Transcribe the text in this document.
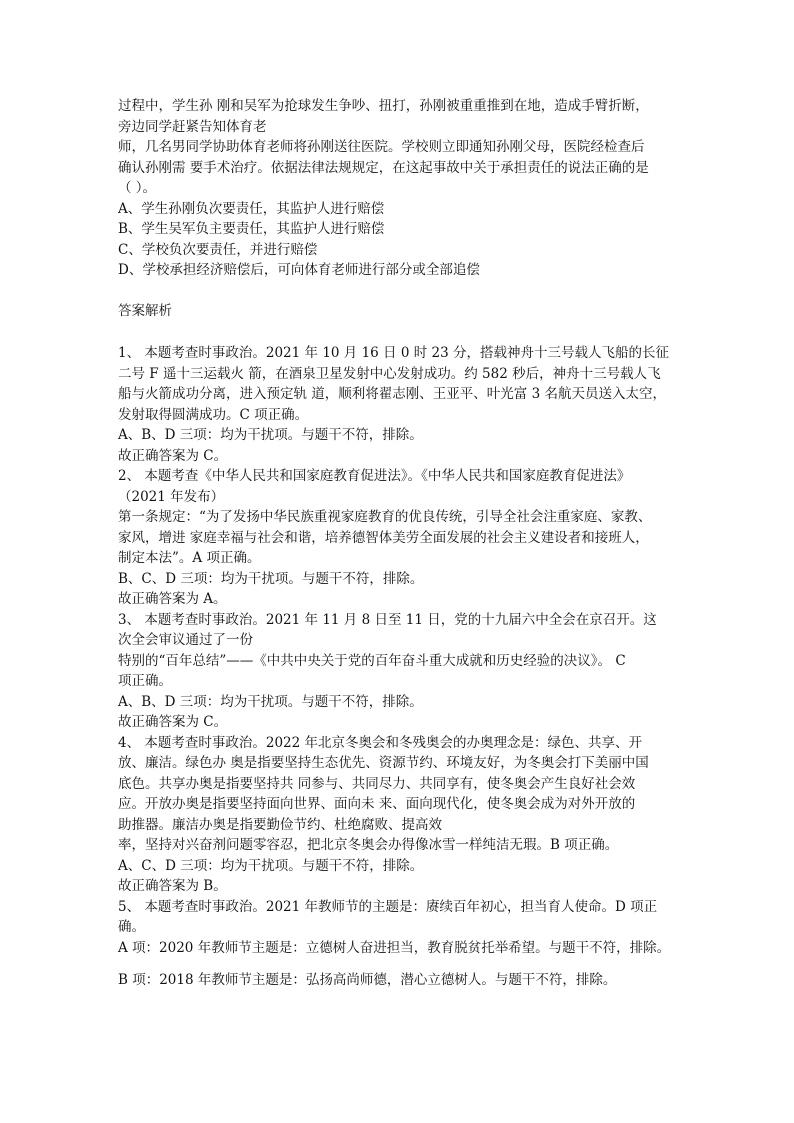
过程中，学生孙 刚和吴军为抢球发生争吵、扭打，孙刚被重重推到在地，造成手臂折断，
旁边同学赶紧告知体育老
师，几名男同学协助体育老师将孙刚送往医院。学校则立即通知孙刚父母，医院经检查后
确认孙刚需 要手术治疗。依据法律法规规定，在这起事故中关于承担责任的说法正确的是
（ ）。
A、学生孙刚负次要责任，其监护人进行赔偿
B、学生吴军负主要责任，其监护人进行赔偿
C、学校负次要责任，并进行赔偿
D、学校承担经济赔偿后，可向体育老师进行部分或全部追偿
答案解析
1、 本题考查时事政治。2021 年 10 月 16 日 0 时 23 分，搭载神舟十三号载人飞船的长征
二号 F 遥十三运载火 箭，在酒泉卫星发射中心发射成功。约 582 秒后，神舟十三号载人飞
船与火箭成功分离，进入预定轨 道，顺利将翟志刚、王亚平、叶光富 3 名航天员送入太空，
发射取得圆满成功。C 项正确。
A、B、D 三项：均为干扰项。与题干不符，排除。
故正确答案为 C。
2、 本题考查《中华人民共和国家庭教育促进法》。《中华人民共和国家庭教育促进法》
（2021 年发布）
第一条规定：“为了发扬中华民族重视家庭教育的优良传统，引导全社会注重家庭、家教、
家风，增进 家庭幸福与社会和谐，培养德智体美劳全面发展的社会主义建设者和接班人，
制定本法”。A 项正确。
B、C、D 三项：均为干扰项。与题干不符，排除。
故正确答案为 A。
3、 本题考查时事政治。2021 年 11 月 8 日至 11 日，党的十九届六中全会在京召开。这
次全会审议通过了一份
特别的“百年总结”——《中共中央关于党的百年奋斗重大成就和历史经验的决议》。 C
项正确。
A、B、D 三项：均为干扰项。与题干不符，排除。
故正确答案为 C。
4、 本题考查时事政治。2022 年北京冬奥会和冬残奥会的办奥理念是：绿色、共享、开
放、廉洁。绿色办 奥是指要坚持生态优先、资源节约、环境友好，为冬奥会打下美丽中国
底色。共享办奥是指要坚持共 同参与、共同尽力、共同享有，使冬奥会产生良好社会效
应。开放办奥是指要坚持面向世界、面向未 来、面向现代化，使冬奥会成为对外开放的
助推器。廉洁办奥是指要勤俭节约、杜绝腐败、提高效
率，坚持对兴奋剂问题零容忍，把北京冬奥会办得像冰雪一样纯洁无瑕。B 项正确。
A、C、D 三项：均为干扰项。与题干不符，排除。
故正确答案为 B。
5、 本题考查时事政治。2021 年教师节的主题是：赓续百年初心，担当育人使命。D 项正
确。
A 项：2020 年教师节主题是：立德树人奋进担当，教育脱贫托举希望。与题干不符，排除。
B 项：2018 年教师节主题是：弘扬高尚师德，潜心立德树人。与题干不符，排除。
